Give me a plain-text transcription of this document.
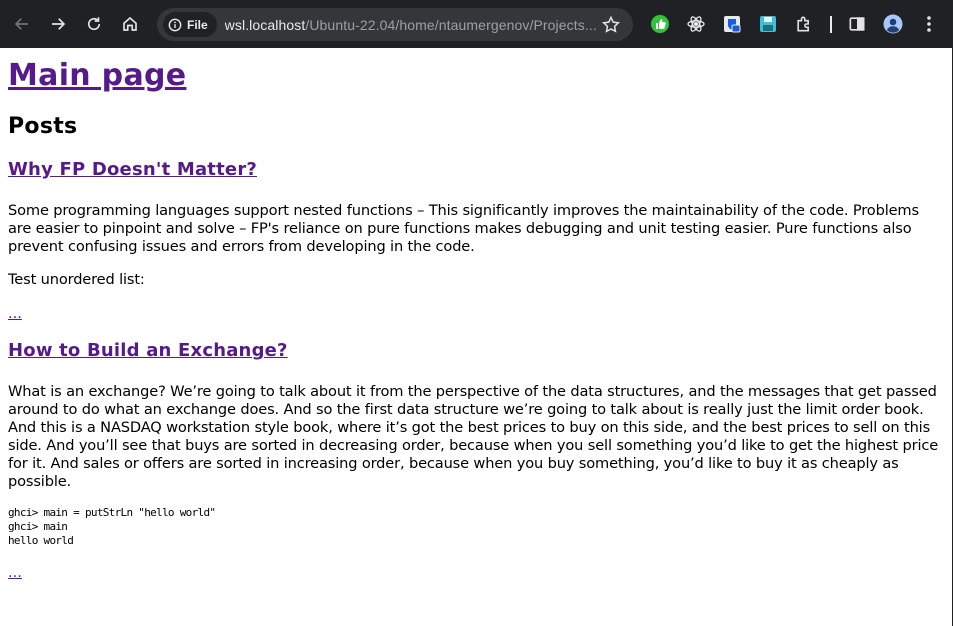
File wsl.localhost/Ubuntu-22.04/home/ntaumergenov/Projects...
Main page
Posts
Why FP Doesn't Matter?

Some programming languages support nested functions – This significantly improves the maintainability of the code. Problems are easier to pinpoint and solve – FP's reliance on pure functions makes debugging and unit testing easier. Pure functions also prevent confusing issues and errors from developing in the code.

Test unordered list:

...
How to Build an Exchange?

What is an exchange? We’re going to talk about it from the perspective of the data structures, and the messages that get passed around to do what an exchange does. And so the first data structure we’re going to talk about is really just the limit order book. And this is a NASDAQ workstation style book, where it’s got the best prices to buy on this side, and the best prices to sell on this side. And you’ll see that buys are sorted in decreasing order, because when you sell something you’d like to get the highest price for it. And sales or offers are sorted in increasing order, because when you buy something, you’d like to buy it as cheaply as possible.

ghci> main = putStrLn "hello world"
ghci> main
hello world
...
